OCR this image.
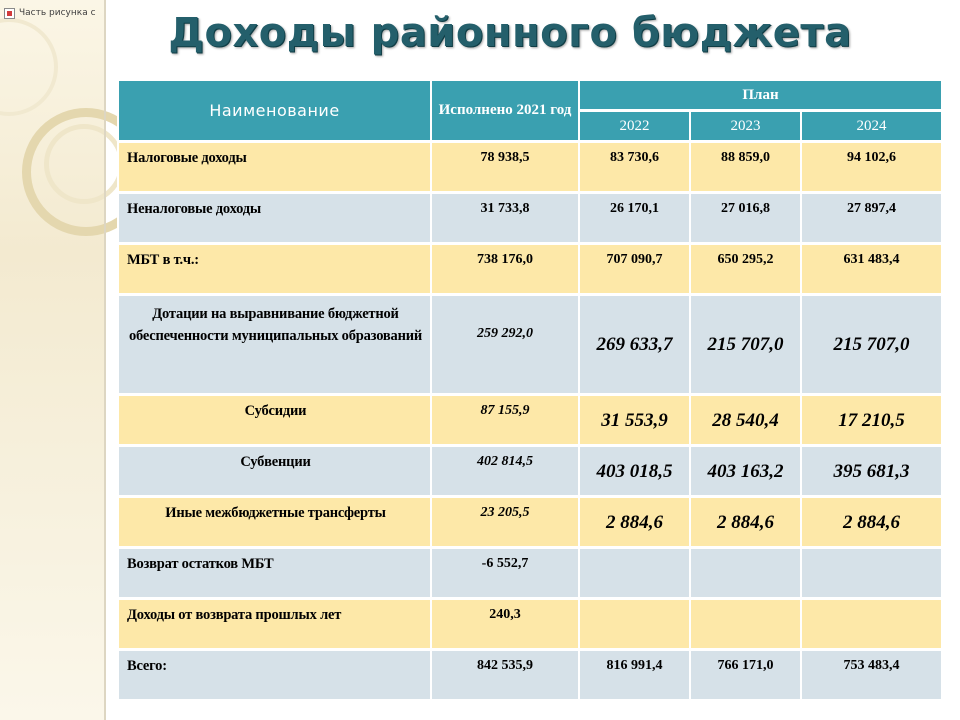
Часть рисунка с	Доходы районного бюджета
Наименование	Исполнено 2021 год	План		
		2022	2023	2024
Налоговые доходы	78 938,5	83 730,6	88 859,0	94 102,6
Неналоговые доходы	31 733,8	26 170,1	27 016,8	27 897,4
МБТ в т.ч.:	738 176,0	707 090,7	650 295,2	631 483,4
Дотации на выравнивание бюджетной обеспеченности муниципальных образований	259 292,0	269 633,7	215 707,0	215 707,0
Субсидии	87 155,9	31 553,9	28 540,4	17 210,5
Субвенции	402 814,5	403 018,5	403 163,2	395 681,3
Иные межбюджетные трансферты	23 205,5	2 884,6	2 884,6	2 884,6
Возврат остатков МБТ	-6 552,7			
Доходы от возврата прошлых лет	240,3			
Всего:	842 535,9	816 991,4	766 171,0	753 483,4
